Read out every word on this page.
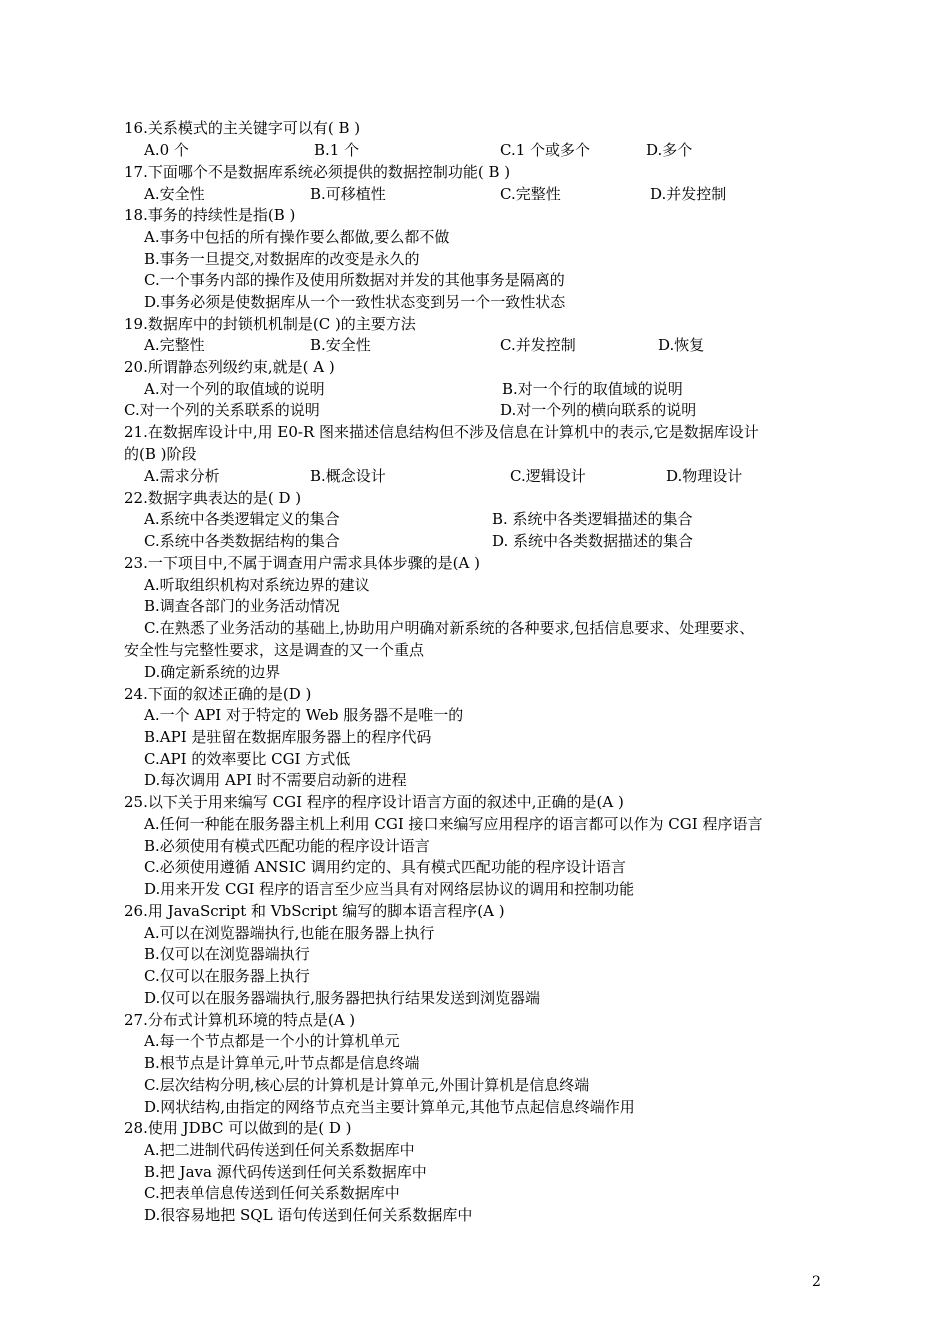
16.关系模式的主关键字可以有( B )
A.0 个	B.1 个	C.1 个或多个	D.多个
17.下面哪个不是数据库系统必须提供的数据控制功能( B )
A.安全性	B.可移植性	C.完整性	D.并发控制
18.事务的持续性是指(B )
A.事务中包括的所有操作要么都做,要么都不做
B.事务一旦提交,对数据库的改变是永久的
C.一个事务内部的操作及使用所数据对并发的其他事务是隔离的
D.事务必须是使数据库从一个一致性状态变到另一个一致性状态
19.数据库中的封锁机机制是(C )的主要方法
A.完整性	B.安全性	C.并发控制	D.恢复
20.所谓静态列级约束,就是( A )
A.对一个列的取值域的说明	B.对一个行的取值域的说明
C.对一个列的关系联系的说明	D.对一个列的横向联系的说明
21.在数据库设计中,用 E0-R 图来描述信息结构但不涉及信息在计算机中的表示,它是数据库设计
的(B )阶段
A.需求分析	B.概念设计	C.逻辑设计	D.物理设计
22.数据字典表达的是( D )
A.系统中各类逻辑定义的集合	B. 系统中各类逻辑描述的集合
C.系统中各类数据结构的集合	D. 系统中各类数据描述的集合
23.一下项目中,不属于调查用户需求具体步骤的是(A )
A.听取组织机构对系统边界的建议
B.调查各部门的业务活动情况
C.在熟悉了业务活动的基础上,协助用户明确对新系统的各种要求,包括信息要求、处理要求、
安全性与完整性要求，这是调查的又一个重点
D.确定新系统的边界
24.下面的叙述正确的是(D )
A.一个 API 对于特定的 Web 服务器不是唯一的
B.API 是驻留在数据库服务器上的程序代码
C.API 的效率要比 CGI 方式低
D.每次调用 API 时不需要启动新的进程
25.以下关于用来编写 CGI 程序的程序设计语言方面的叙述中,正确的是(A )
A.任何一种能在服务器主机上利用 CGI 接口来编写应用程序的语言都可以作为 CGI 程序语言
B.必须使用有模式匹配功能的程序设计语言
C.必须使用遵循 ANSIC 调用约定的、具有模式匹配功能的程序设计语言
D.用来开发 CGI 程序的语言至少应当具有对网络层协议的调用和控制功能
26.用 JavaScript 和 VbScript 编写的脚本语言程序(A )
A.可以在浏览器端执行,也能在服务器上执行
B.仅可以在浏览器端执行
C.仅可以在服务器上执行
D.仅可以在服务器端执行,服务器把执行结果发送到浏览器端
27.分布式计算机环境的特点是(A )
A.每一个节点都是一个小的计算机单元
B.根节点是计算单元,叶节点都是信息终端
C.层次结构分明,核心层的计算机是计算单元,外围计算机是信息终端
D.网状结构,由指定的网络节点充当主要计算单元,其他节点起信息终端作用
28.使用 JDBC 可以做到的是( D )
A.把二进制代码传送到任何关系数据库中
B.把 Java 源代码传送到任何关系数据库中
C.把表单信息传送到任何关系数据库中
D.很容易地把 SQL 语句传送到任何关系数据库中
2
